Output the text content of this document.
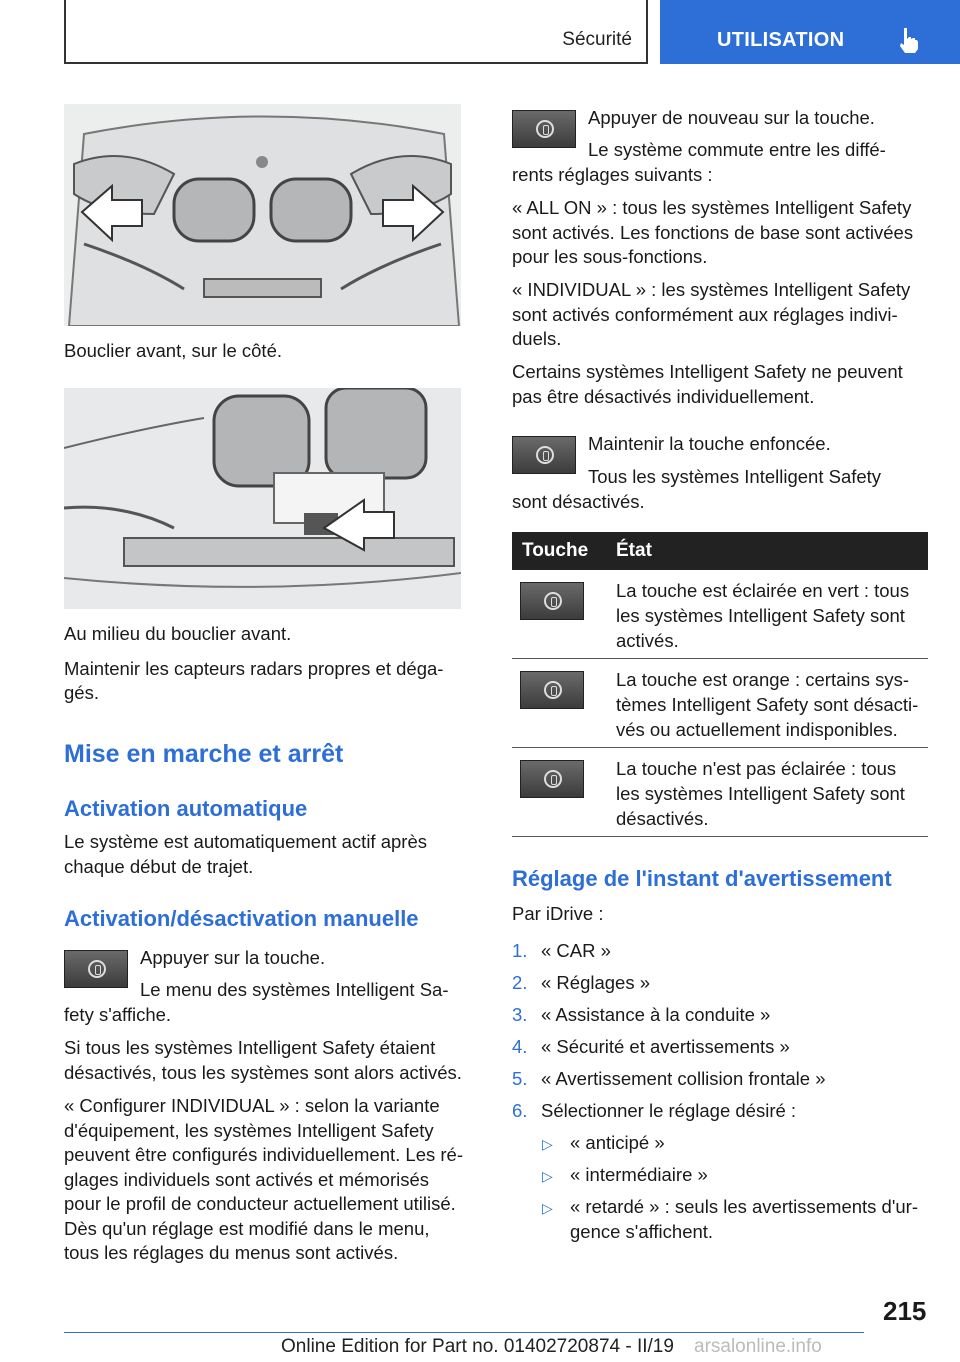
Sécurité	UTILISATION
Bouclier avant, sur le côté.
Au milieu du bouclier avant.
Maintenir les capteurs radars propres et déga-
gés.
Mise en marche et arrêt
Activation automatique
Le système est automatiquement actif après
chaque début de trajet.
Activation/désactivation manuelle
Appuyer sur la touche.
Le menu des systèmes Intelligent Sa-
fety s'affiche.
Si tous les systèmes Intelligent Safety étaient
désactivés, tous les systèmes sont alors activés.
« Configurer INDIVIDUAL » : selon la variante
d'équipement, les systèmes Intelligent Safety
peuvent être configurés individuellement. Les ré-
glages individuels sont activés et mémorisés
pour le profil de conducteur actuellement utilisé.
Dès qu'un réglage est modifié dans le menu,
tous les réglages du menus sont activés.
Appuyer de nouveau sur la touche.
Le système commute entre les diffé-
rents réglages suivants :
« ALL ON » : tous les systèmes Intelligent Safety
sont activés. Les fonctions de base sont activées
pour les sous-fonctions.
« INDIVIDUAL » : les systèmes Intelligent Safety
sont activés conformément aux réglages indivi-
duels.
Certains systèmes Intelligent Safety ne peuvent
pas être désactivés individuellement.
Maintenir la touche enfoncée.
Tous les systèmes Intelligent Safety
sont désactivés.
Touche	État

	La touche est éclairée en vert : tous
les systèmes Intelligent Safety sont
activés.

	La touche est orange : certains sys-
tèmes Intelligent Safety sont désacti-
vés ou actuellement indisponibles.

	La touche n'est pas éclairée : tous
les systèmes Intelligent Safety sont
désactivés.
Réglage de l'instant d'avertissement
Par iDrive :
1. « CAR »
2. « Réglages »
3. « Assistance à la conduite »
4. « Sécurité et avertissements »
5. « Avertissement collision frontale »
6. Sélectionner le réglage désiré :
▷ « anticipé »
▷ « intermédiaire »
▷ « retardé » : seuls les avertissements d'ur-
gence s'affichent.
215
Online Edition for Part no. 01402720874 - II/19 arsalonline.info
